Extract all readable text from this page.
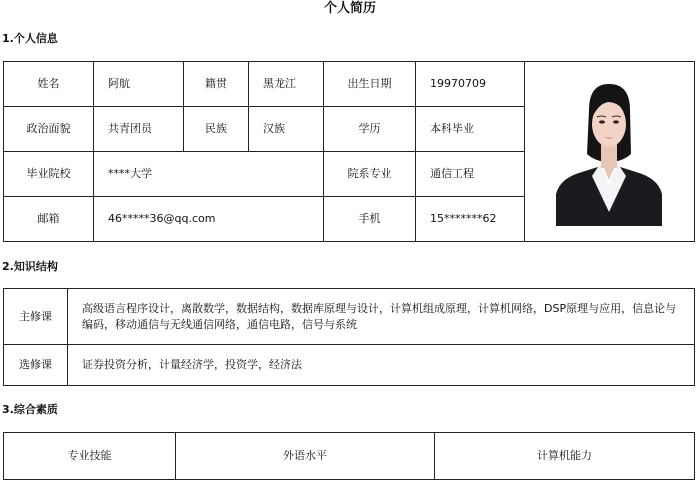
个人简历
1.个人信息
姓名	阿航	籍贯	黑龙江	出生日期	19970709	

政治面貌	共青团员	民族	汉族	学历	本科毕业	
毕业院校	****大学			院系专业	通信工程	
邮箱	46*****36@qq.com			手机	15*******62	
2.知识结构
主修课	高级语言程序设计，离散数学，数据结构，数据库原理与设计，计算机组成原理，计算机网络，DSP原理与应用，信息论与编码，移动通信与无线通信网络，通信电路，信号与系统
选修课	证券投资分析，计量经济学，投资学，经济法
3.综合素质
专业技能	外语水平	计算机能力
